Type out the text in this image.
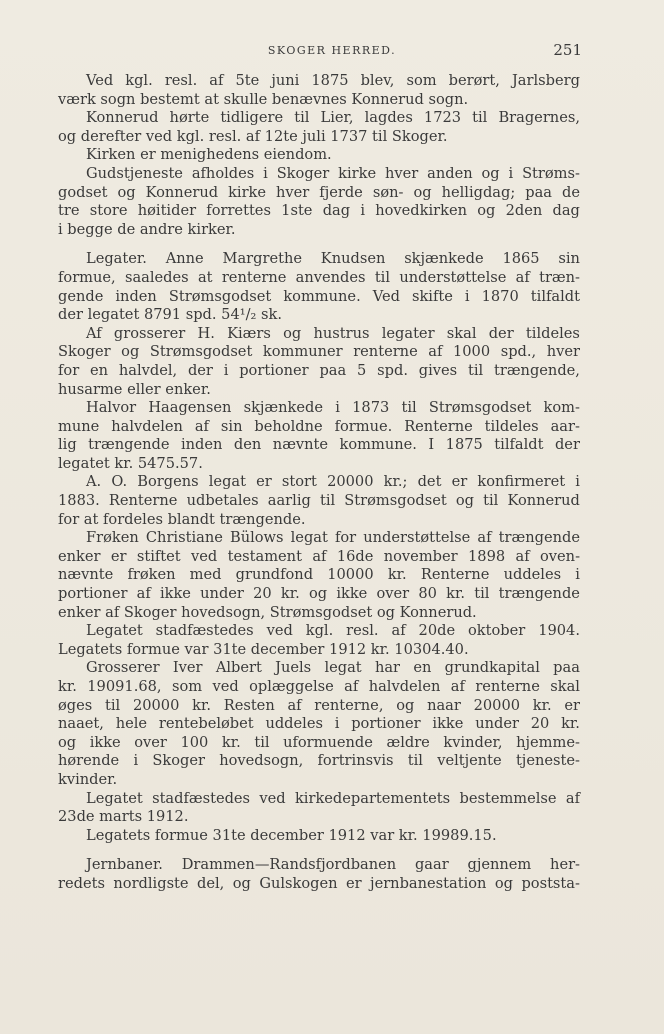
SKOGER HERRED.	251
Ved kgl. resl. af 5te juni 1875 blev, som berørt, Jarlsberg
værk sogn bestemt at skulle benævnes Konnerud sogn.
Konnerud hørte tidligere til Lier, lagdes 1723 til Bragernes,
og derefter ved kgl. resl. af 12te juli 1737 til Skoger.
Kirken er menighedens eiendom.
Gudstjeneste afholdes i Skoger kirke hver anden og i Strøms-
godset og Konnerud kirke hver fjerde søn- og helligdag; paa de
tre store høitider forrettes 1ste dag i hovedkirken og 2den dag
i begge de andre kirker.
Legater. Anne Margrethe Knudsen skjænkede 1865 sin
formue, saaledes at renterne anvendes til understøttelse af træn-
gende inden Strømsgodset kommune. Ved skifte i 1870 tilfaldt
der legatet 8791 spd. 54¹/₂ sk.
Af grosserer H. Kiærs og hustrus legater skal der tildeles
Skoger og Strømsgodset kommuner renterne af 1000 spd., hver
for en halvdel, der i portioner paa 5 spd. gives til trængende,
husarme eller enker.
Halvor Haagensen skjænkede i 1873 til Strømsgodset kom-
mune halvdelen af sin beholdne formue. Renterne tildeles aar-
lig trængende inden den nævnte kommune. I 1875 tilfaldt der
legatet kr. 5475.57.
A. O. Borgens legat er stort 20000 kr.; det er konfirmeret i
1883. Renterne udbetales aarlig til Strømsgodset og til Konnerud
for at fordeles blandt trængende.
Frøken Christiane Bülows legat for understøttelse af trængende
enker er stiftet ved testament af 16de november 1898 af oven-
nævnte frøken med grundfond 10000 kr. Renterne uddeles i
portioner af ikke under 20 kr. og ikke over 80 kr. til trængende
enker af Skoger hovedsogn, Strømsgodset og Konnerud.
Legatet stadfæstedes ved kgl. resl. af 20de oktober 1904.
Legatets formue var 31te december 1912 kr. 10304.40.
Grosserer Iver Albert Juels legat har en grundkapital paa
kr. 19091.68, som ved oplæggelse af halvdelen af renterne skal
øges til 20000 kr. Resten af renterne, og naar 20000 kr. er
naaet, hele rentebeløbet uddeles i portioner ikke under 20 kr.
og ikke over 100 kr. til uformuende ældre kvinder, hjemme-
hørende i Skoger hovedsogn, fortrinsvis til veltjente tjeneste-
kvinder.
Legatet stadfæstedes ved kirkedepartementets bestemmelse af
23de marts 1912.
Legatets formue 31te december 1912 var kr. 19989.15.
Jernbaner. Drammen—Randsfjordbanen gaar gjennem her-
redets nordligste del, og Gulskogen er jernbanestation og poststa-
